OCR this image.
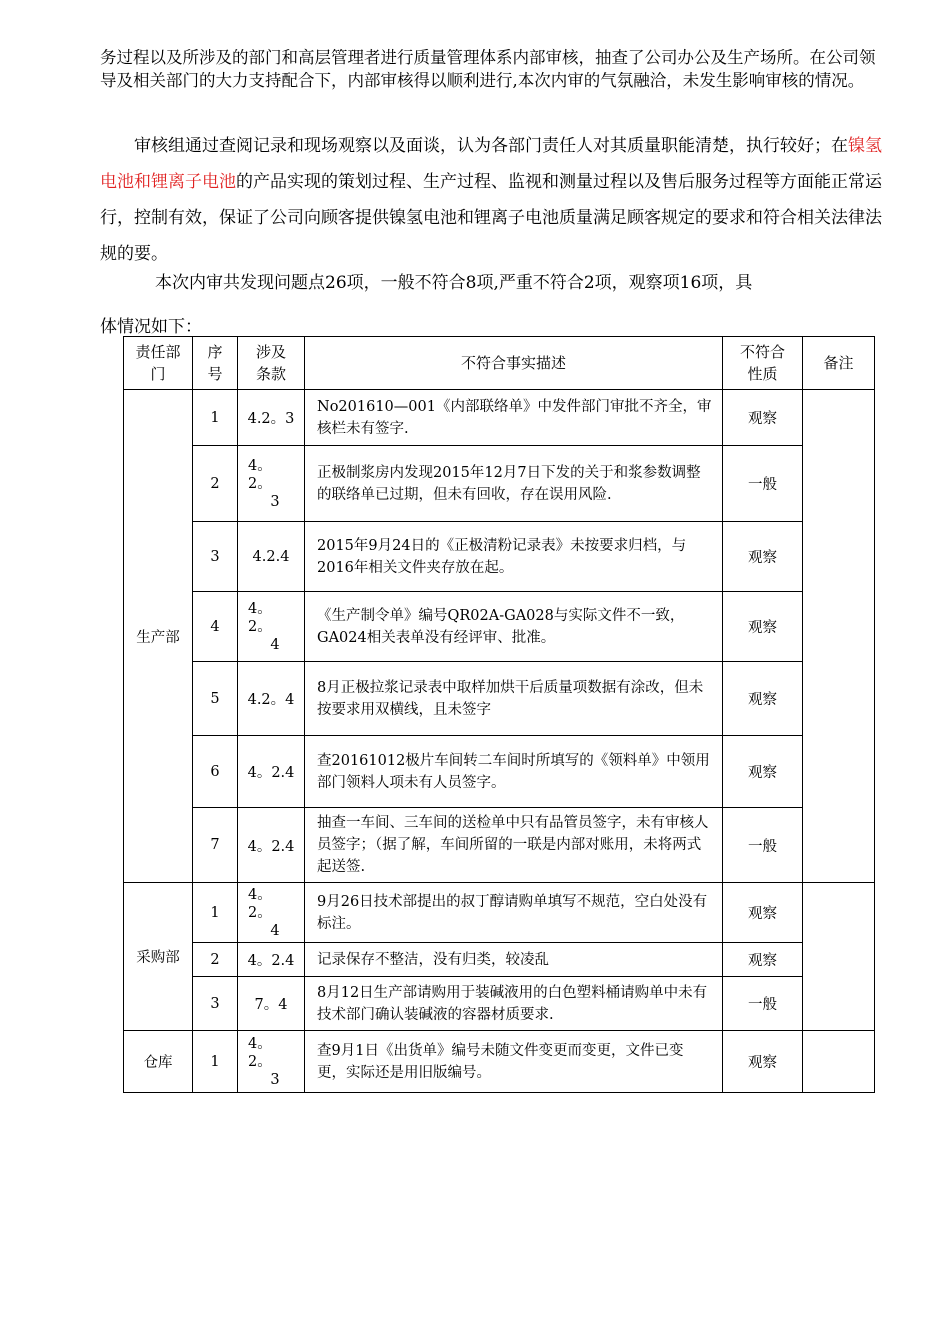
务过程以及所涉及的部门和高层管理者进行质量管理体系内部审核，抽查了公司办公及生产场所。在公司领导及相关部门的大力支持配合下，内部审核得以顺利进行,本次内审的气氛融洽，未发生影响审核的情况。
审核组通过查阅记录和现场观察以及面谈，认为各部门责任人对其质量职能清楚，执行较好；在镍氢电池和锂离子电池的产品实现的策划过程、生产过程、监视和测量过程以及售后服务过程等方面能正常运行，控制有效，保证了公司向顾客提供镍氢电池和锂离子电池质量满足顾客规定的要求和符合相关法律法规的要。
本次内审共发现问题点26项，一般不符合8项,严重不符合2项，观察项16项，具
体情况如下：
责任部门	序号	涉及条款	不符合事实描述	不符合性质	备注
生产部	1	4.2。3	No201610—001《内部联络单》中发件部门审批不齐全，审核栏未有签字.	观察	
	2	4。
2。
3	正极制浆房内发现2015年12月7日下发的关于和浆参数调整的联络单已过期，但未有回收，存在误用风险.	一般	
	3	4.2.4	2015年9月24日的《正极清粉记录表》未按要求归档，与2016年相关文件夹存放在起。	观察	
	4	4。
2。
4	《生产制令单》编号QR02A-GA028与实际文件不一致，GA024相关表单没有经评审、批准。	观察	
	5	4.2。4	8月正极拉浆记录表中取样加烘干后质量项数据有涂改，但未按要求用双横线，且未签字	观察	
	6	4。2.4	查20161012极片车间转二车间时所填写的《领料单》中领用部门领料人项未有人员签字。	观察	
	7	4。2.4	抽查一车间、三车间的送检单中只有品管员签字，未有审核人员签字；（据了解，车间所留的一联是内部对账用，未将两式起送签.	一般	
采购部	1	4。
2。
4	9月26日技术部提出的叔丁醇请购单填写不规范，空白处没有标注。	观察	
	2	4。2.4	记录保存不整洁，没有归类，较凌乱	观察	
	3	7。4	8月12日生产部请购用于装碱液用的白色塑料桶请购单中未有技术部门确认装碱液的容器材质要求.	一般	
仓库	1	4。
2。
3	查9月1日《出货单》编号未随文件变更而变更，文件已变更，实际还是用旧版编号。	观察	
